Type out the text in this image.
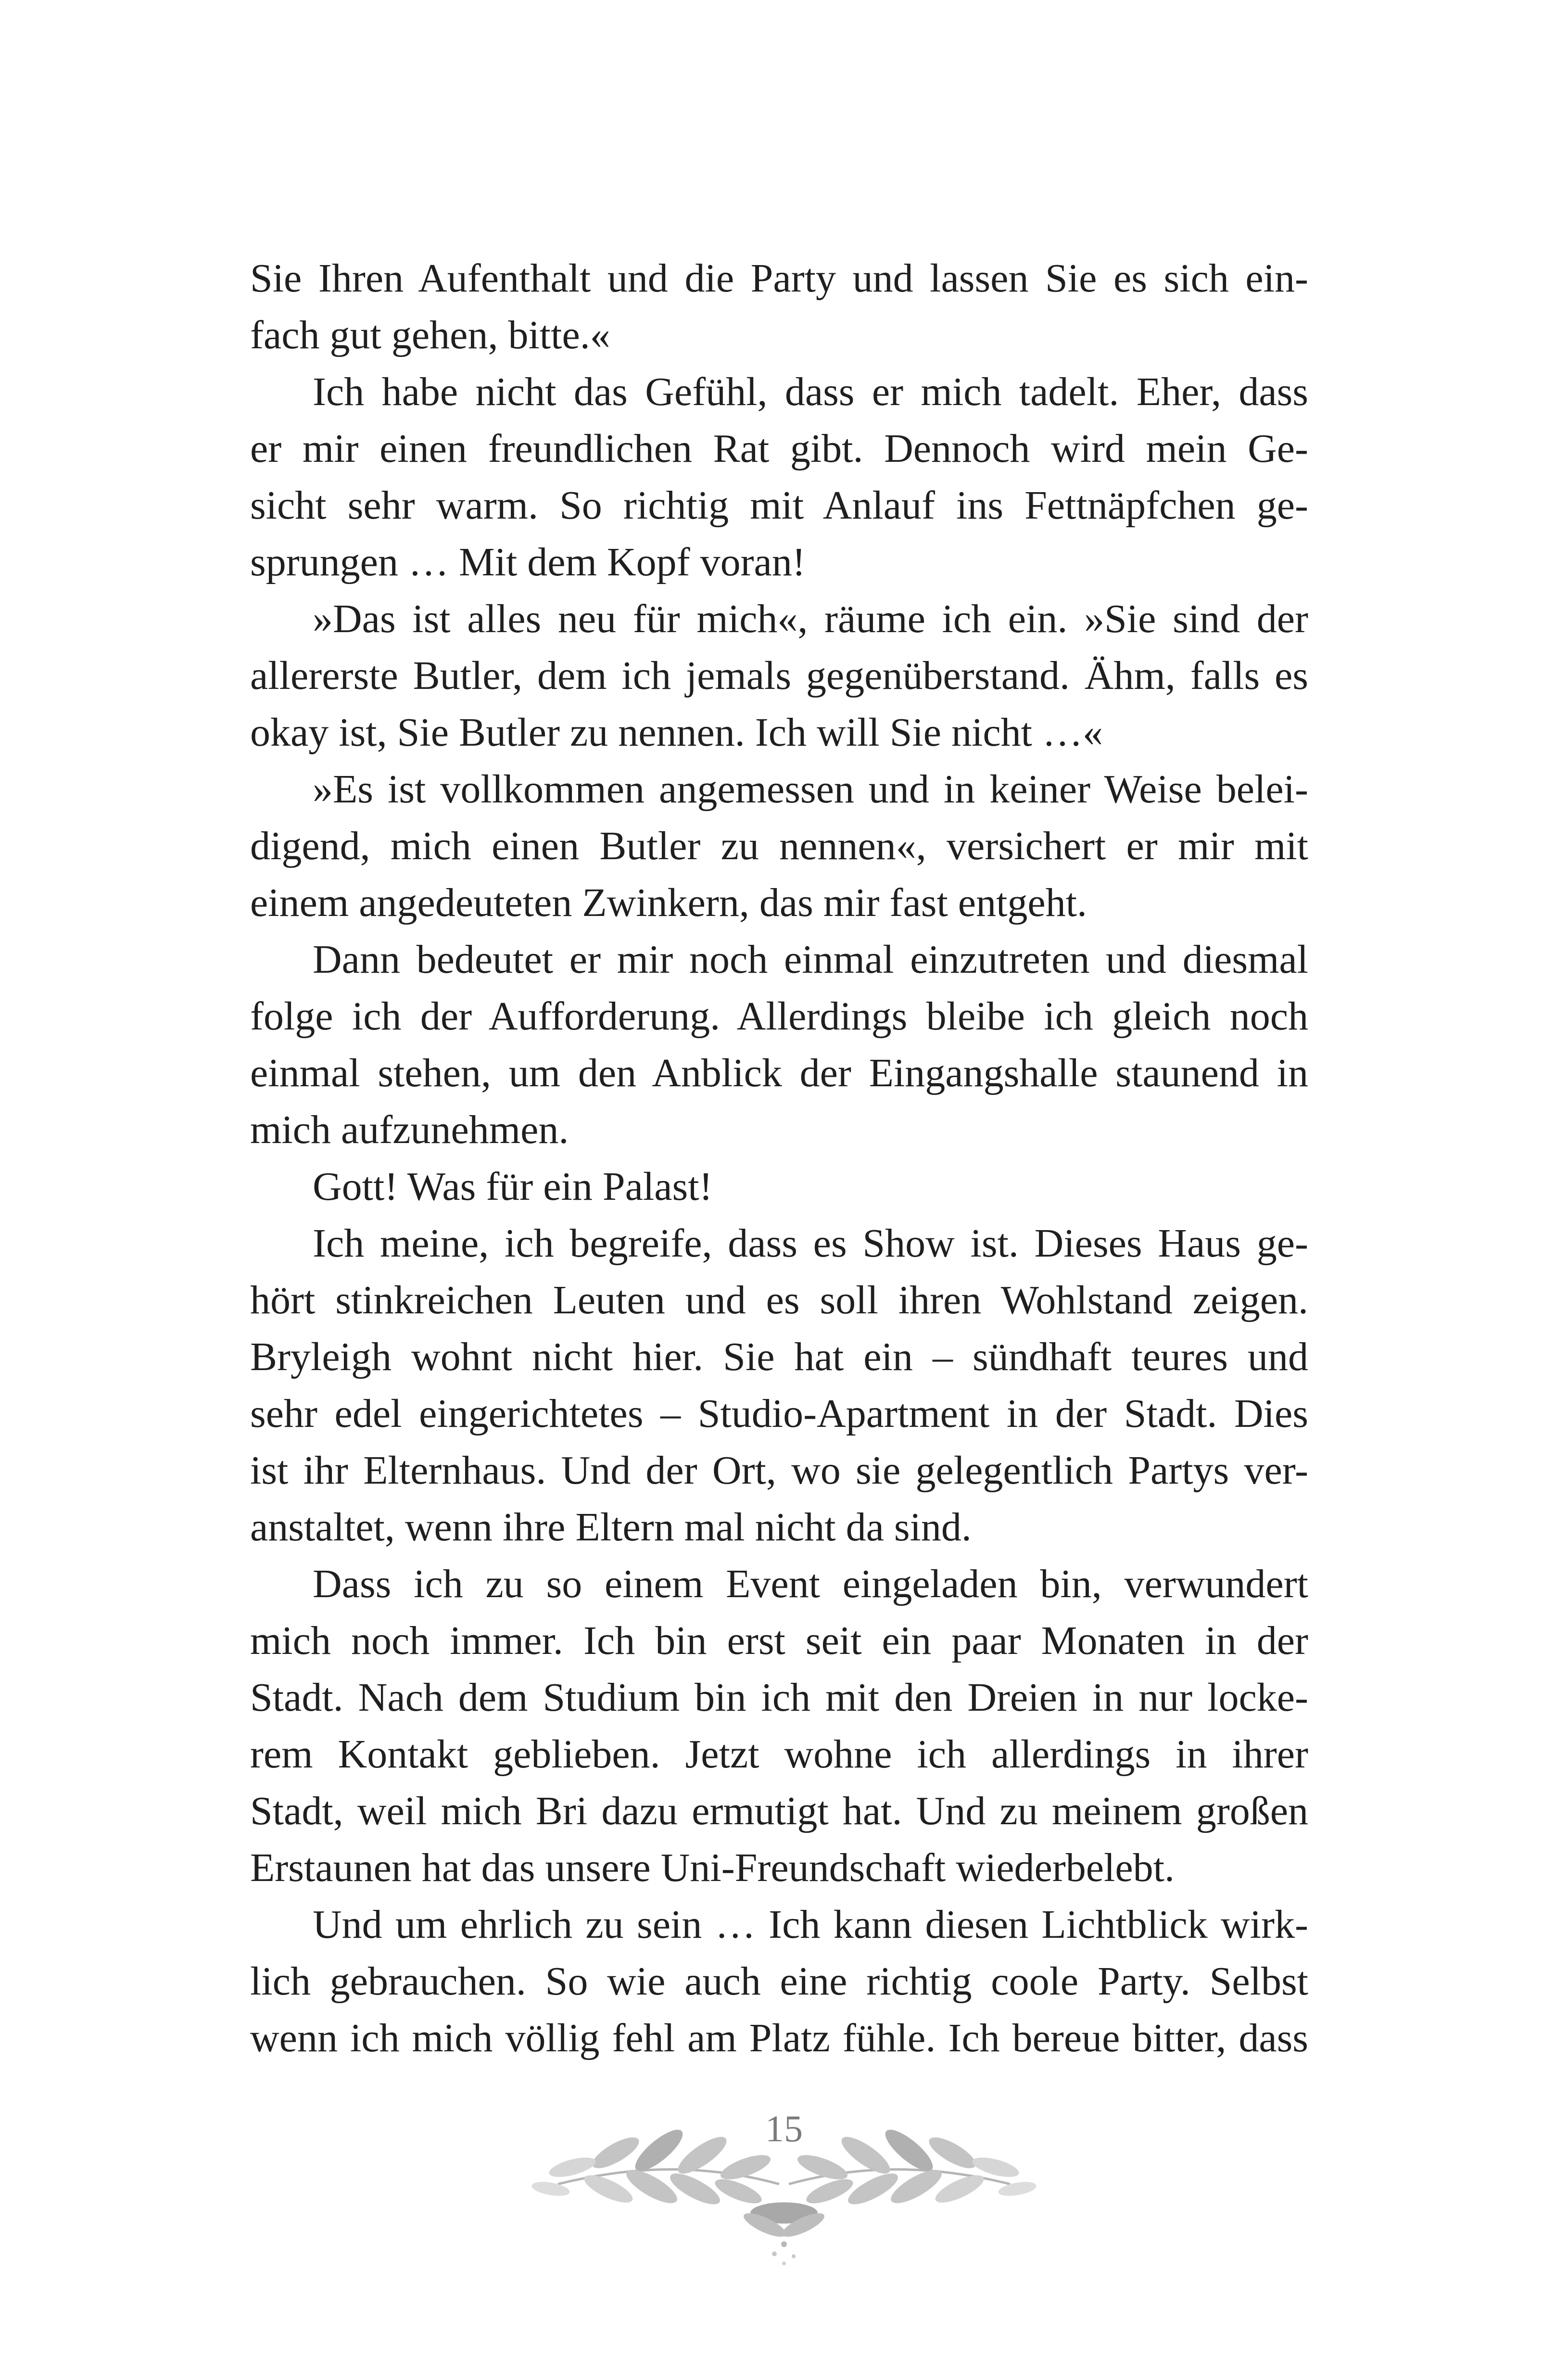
Sie Ihren Aufenthalt und die Party und lassen Sie es sich ein-
fach gut gehen, bitte.«
Ich habe nicht das Gefühl, dass er mich tadelt. Eher, dass
er mir einen freundlichen Rat gibt. Dennoch wird mein Ge-
sicht sehr warm. So richtig mit Anlauf ins Fettnäpfchen ge-
sprungen … Mit dem Kopf voran!
»Das ist alles neu für mich«, räume ich ein. »Sie sind der
allererste Butler, dem ich jemals gegenüberstand. Ähm, falls es
okay ist, Sie Butler zu nennen. Ich will Sie nicht …«
»Es ist vollkommen angemessen und in keiner Weise belei-
digend, mich einen Butler zu nennen«, versichert er mir mit
einem angedeuteten Zwinkern, das mir fast entgeht.
Dann bedeutet er mir noch einmal einzutreten und diesmal
folge ich der Aufforderung. Allerdings bleibe ich gleich noch
einmal stehen, um den Anblick der Eingangshalle staunend in
mich aufzunehmen.
Gott! Was für ein Palast!
Ich meine, ich begreife, dass es Show ist. Dieses Haus ge-
hört stinkreichen Leuten und es soll ihren Wohlstand zeigen.
Bryleigh wohnt nicht hier. Sie hat ein – sündhaft teures und
sehr edel eingerichtetes – Studio-Apartment in der Stadt. Dies
ist ihr Elternhaus. Und der Ort, wo sie gelegentlich Partys ver-
anstaltet, wenn ihre Eltern mal nicht da sind.
Dass ich zu so einem Event eingeladen bin, verwundert
mich noch immer. Ich bin erst seit ein paar Monaten in der
Stadt. Nach dem Studium bin ich mit den Dreien in nur locke-
rem Kontakt geblieben. Jetzt wohne ich allerdings in ihrer
Stadt, weil mich Bri dazu ermutigt hat. Und zu meinem großen
Erstaunen hat das unsere Uni-Freundschaft wiederbelebt.
Und um ehrlich zu sein … Ich kann diesen Lichtblick wirk-
lich gebrauchen. So wie auch eine richtig coole Party. Selbst
wenn ich mich völlig fehl am Platz fühle. Ich bereue bitter, dass
15
